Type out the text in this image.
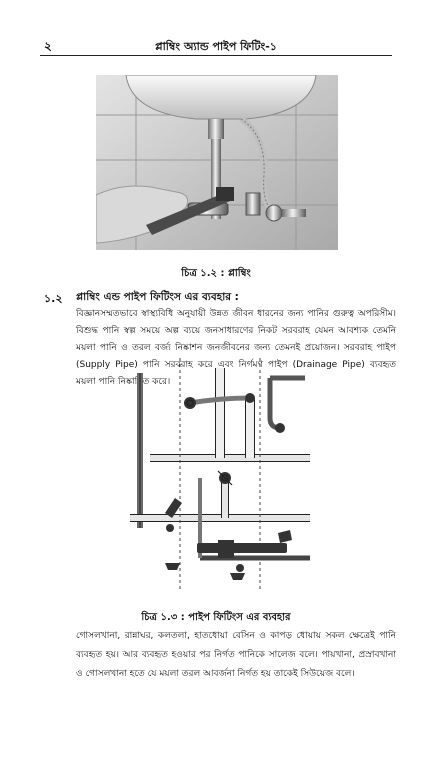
২	প্লাম্বিং অ্যান্ড পাইপ ফিটিং-১
চিত্র ১.২ : প্লাম্বিং
১.২ প্লাম্বিং এন্ড পাইপ ফিটিংস এর ব্যবহার :
বিজ্ঞানসম্মতভাবে স্বাস্থ্যবিধি অনুযায়ী উন্নত জীবন ধারনের জন্য পানির গুরুত্ব অপরিসীম। বিশুদ্ধ পানি স্বল্প সময়ে অল্প ব্যয়ে জনসাধারণের নিকট সরবরাহ যেমন আবশ্যক তেমনি ময়লা পানি ও তরল বর্জ্য নিষ্কাশন জনজীবনের জন্য তেমনই প্রয়োজন। সরবরাহ পাইপ (Supply Pipe) পানি সরবরাহ করে এবং নির্গমণ পাইপ (Drainage Pipe) ব্যবহৃত ময়লা পানি নিষ্কাশিত করে।
চিত্র ১.৩ : পাইপ ফিটিংস এর ব্যবহার
গোসলখানা, রান্নাঘর, কলতলা, হাতধোয়া বেসিন ও কাপড় ধোয়ায় সকল ক্ষেত্রেই পানি ব্যবহৃত হয়। আর ব্যবহৃত হওয়ার পর নির্গত পানিকে সালেজ বলে। পায়খানা, প্রস্রাবখানা ও গোসলখানা হতে যে ময়লা তরল আবর্জনা নির্গত হয় তাকেই সিউয়েজ বলে।
